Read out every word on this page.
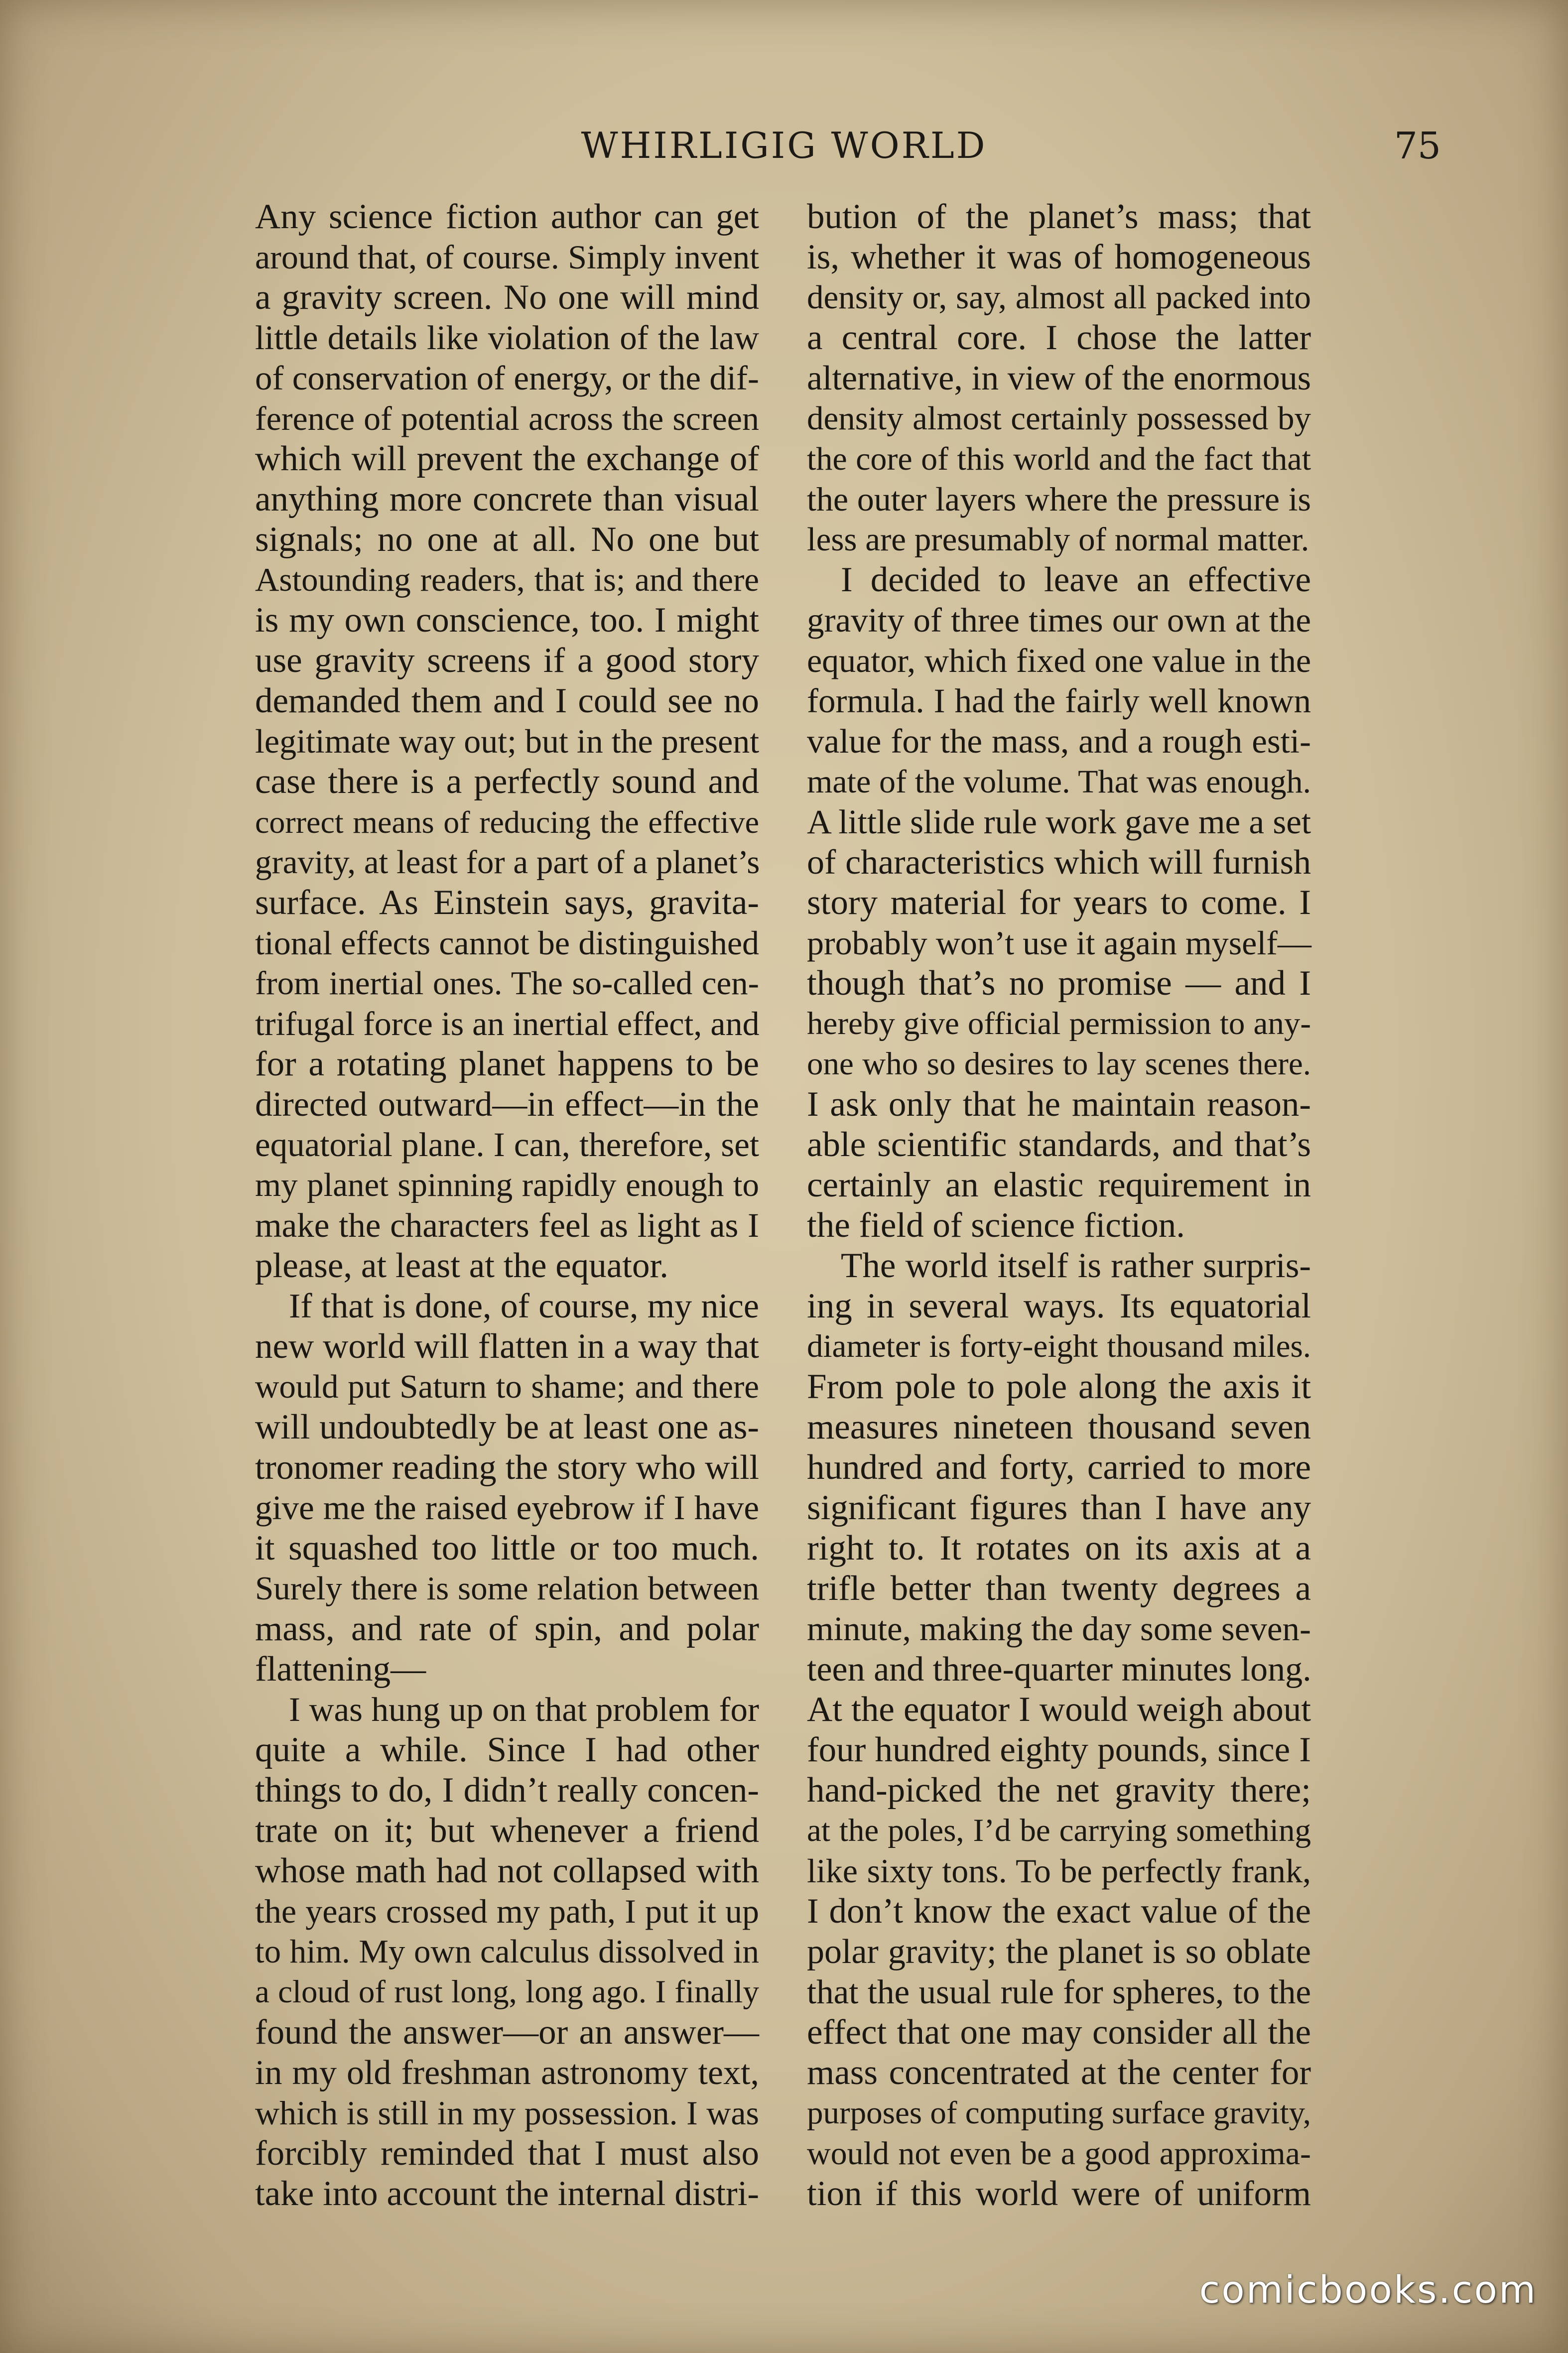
WHIRLIGIG WORLD	75
Any science fiction author can get
around that, of course. Simply invent
a gravity screen. No one will mind
little details like violation of the law
of conservation of energy, or the dif-
ference of potential across the screen
which will prevent the exchange of
anything more concrete than visual
signals; no one at all. No one but
Astounding readers, that is; and there
is my own conscience, too. I might
use gravity screens if a good story
demanded them and I could see no
legitimate way out; but in the present
case there is a perfectly sound and
correct means of reducing the effective
gravity, at least for a part of a planet’s
surface. As Einstein says, gravita-
tional effects cannot be distinguished
from inertial ones. The so-called cen-
trifugal force is an inertial effect, and
for a rotating planet happens to be
directed outward—in effect—in the
equatorial plane. I can, therefore, set
my planet spinning rapidly enough to
make the characters feel as light as I
please, at least at the equator.
If that is done, of course, my nice
new world will flatten in a way that
would put Saturn to shame; and there
will undoubtedly be at least one as-
tronomer reading the story who will
give me the raised eyebrow if I have
it squashed too little or too much.
Surely there is some relation between
mass, and rate of spin, and polar
flattening—
I was hung up on that problem for
quite a while. Since I had other
things to do, I didn’t really concen-
trate on it; but whenever a friend
whose math had not collapsed with
the years crossed my path, I put it up
to him. My own calculus dissolved in
a cloud of rust long, long ago. I finally
found the answer—or an answer—
in my old freshman astronomy text,
which is still in my possession. I was
forcibly reminded that I must also
take into account the internal distri-
bution of the planet’s mass; that
is, whether it was of homogeneous
density or, say, almost all packed into
a central core. I chose the latter
alternative, in view of the enormous
density almost certainly possessed by
the core of this world and the fact that
the outer layers where the pressure is
less are presumably of normal matter.
I decided to leave an effective
gravity of three times our own at the
equator, which fixed one value in the
formula. I had the fairly well known
value for the mass, and a rough esti-
mate of the volume. That was enough.
A little slide rule work gave me a set
of characteristics which will furnish
story material for years to come. I
probably won’t use it again myself—
though that’s no promise — and I
hereby give official permission to any-
one who so desires to lay scenes there.
I ask only that he maintain reason-
able scientific standards, and that’s
certainly an elastic requirement in
the field of science fiction.
The world itself is rather surpris-
ing in several ways. Its equatorial
diameter is forty-eight thousand miles.
From pole to pole along the axis it
measures nineteen thousand seven
hundred and forty, carried to more
significant figures than I have any
right to. It rotates on its axis at a
trifle better than twenty degrees a
minute, making the day some seven-
teen and three-quarter minutes long.
At the equator I would weigh about
four hundred eighty pounds, since I
hand-picked the net gravity there;
at the poles, I’d be carrying something
like sixty tons. To be perfectly frank,
I don’t know the exact value of the
polar gravity; the planet is so oblate
that the usual rule for spheres, to the
effect that one may consider all the
mass concentrated at the center for
purposes of computing surface gravity,
would not even be a good approxima-
tion if this world were of uniform
comicbooks.com
